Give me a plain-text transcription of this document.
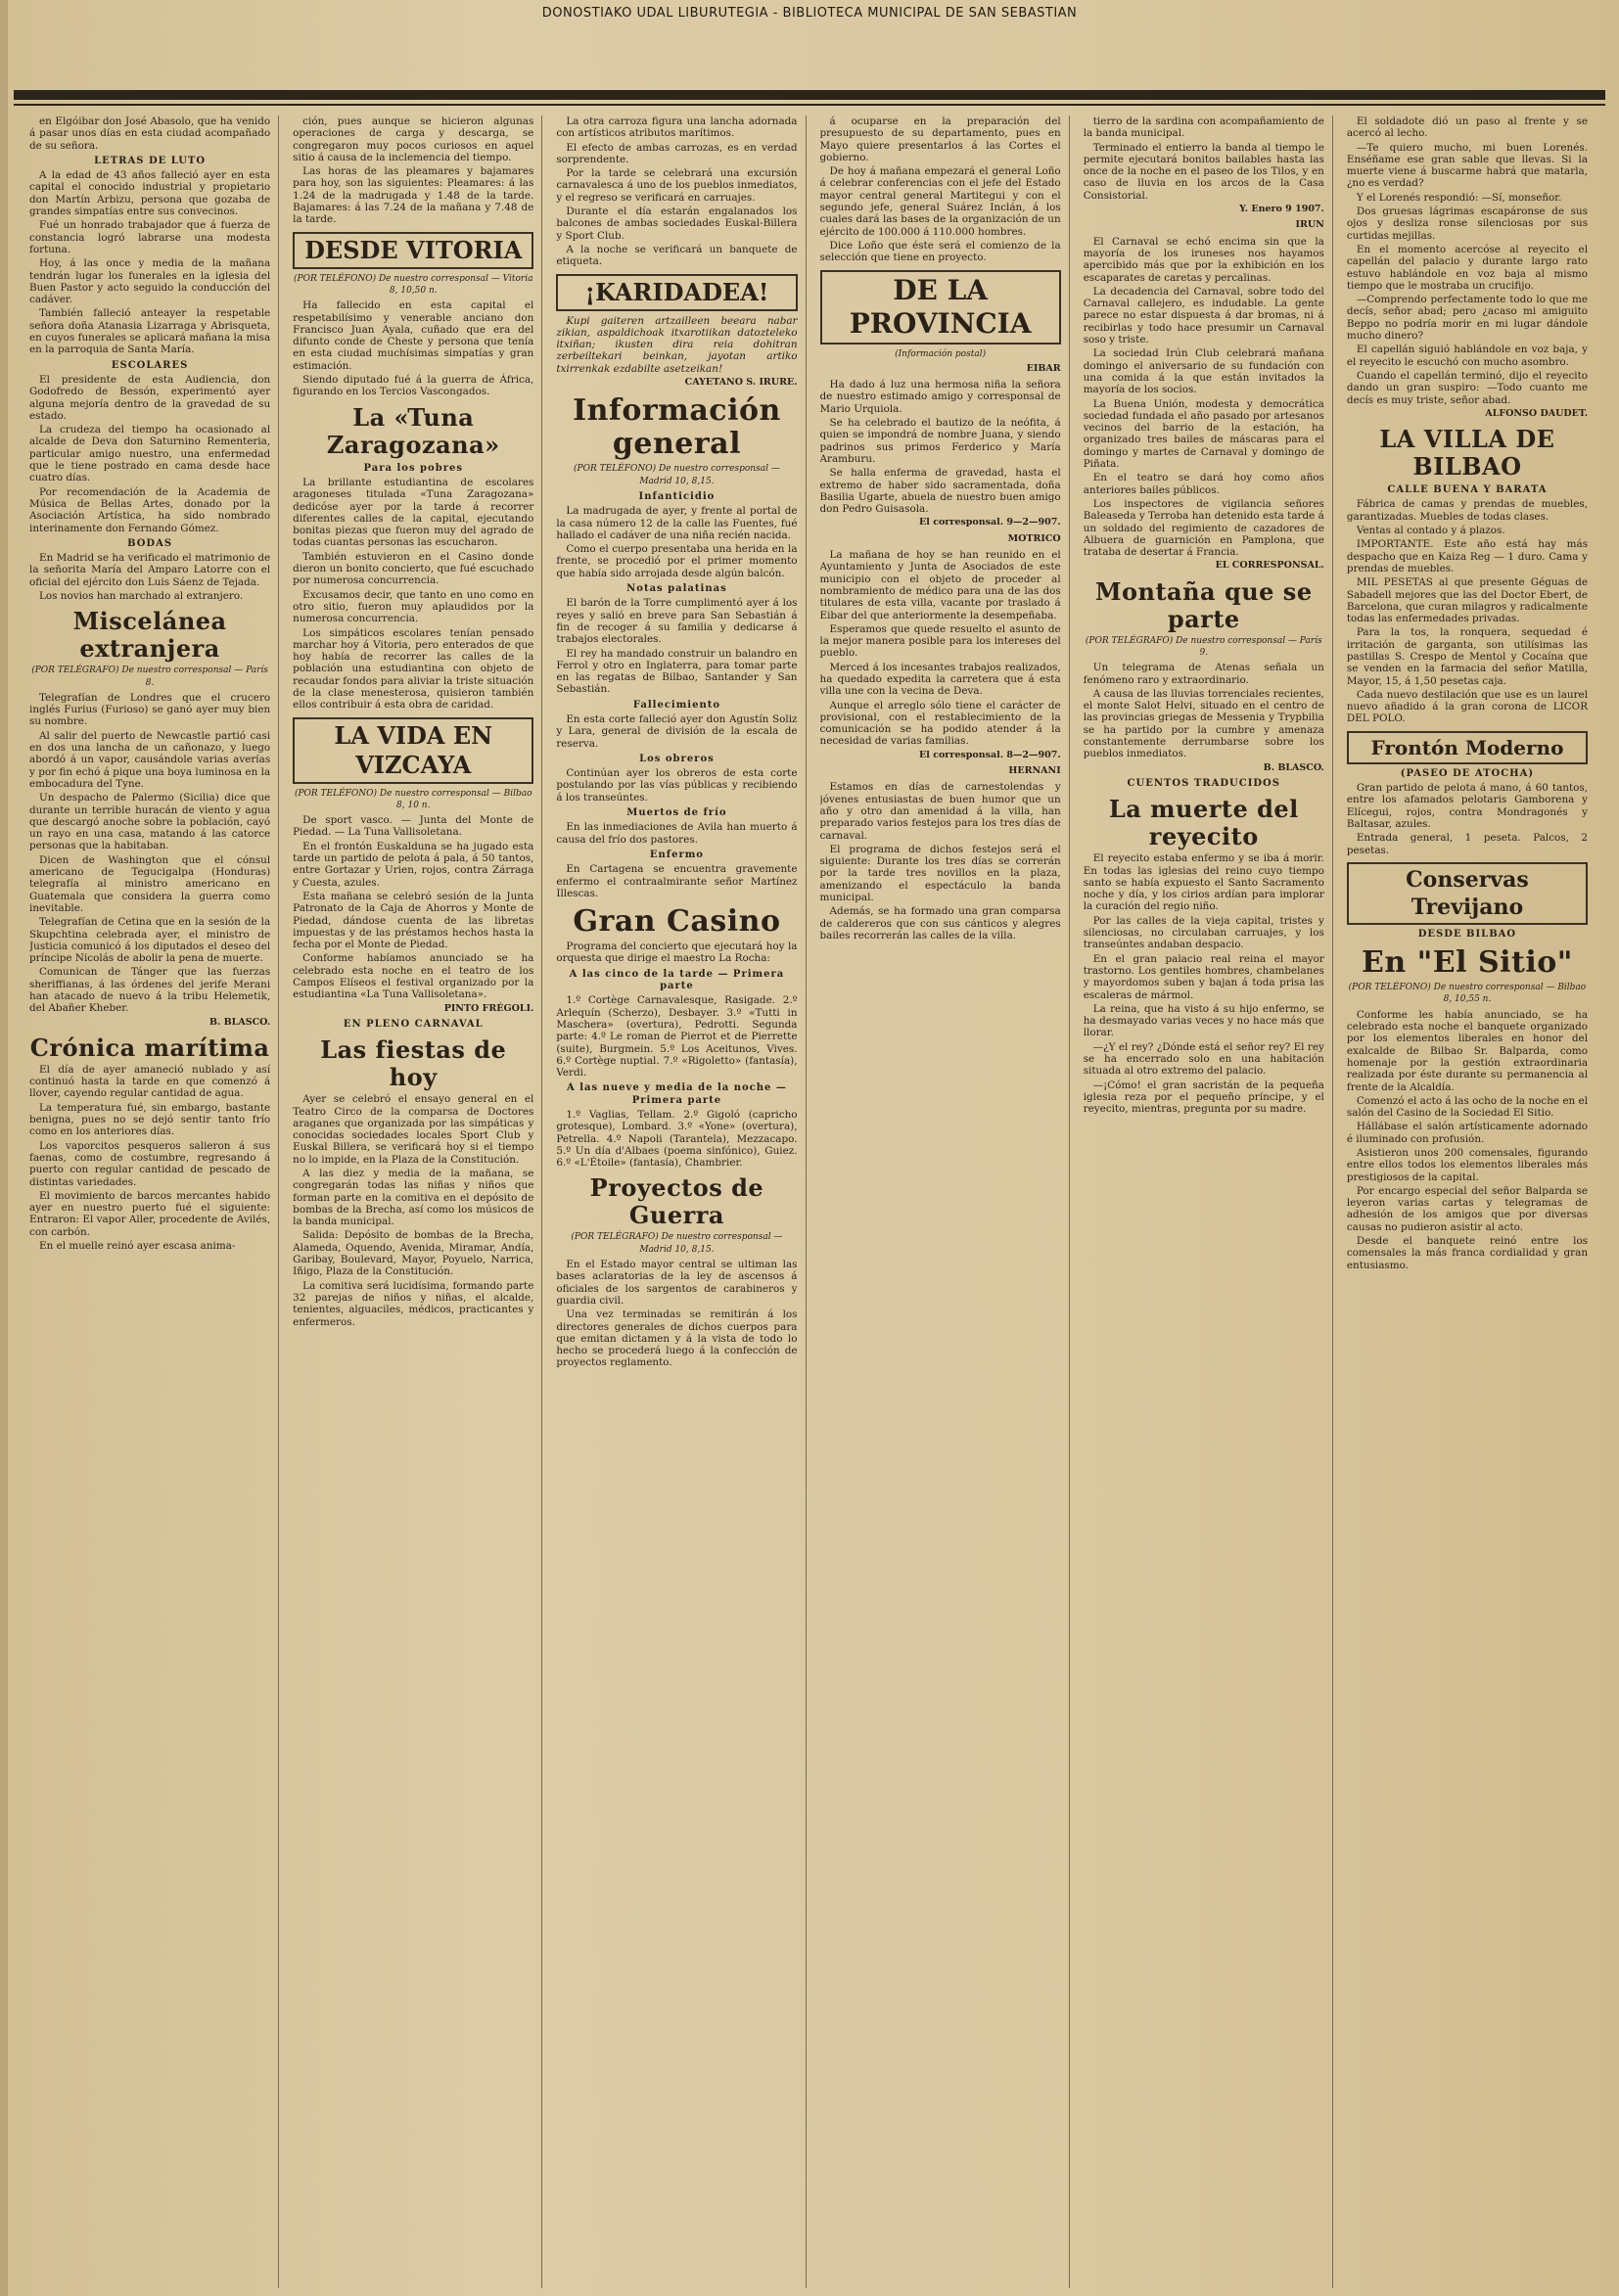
DONOSTIAKO UDAL LIBURUTEGIA - BIBLIOTECA MUNICIPAL DE SAN SEBASTIAN

en Elgóibar don José Abasolo, que ha venido á pasar unos días en esta ciudad acompañado de su señora.

LETRAS DE LUTO

A la edad de 43 años falleció ayer en esta capital el conocido industrial y propietario don Martín Arbizu, persona que gozaba de grandes simpatías entre sus convecinos.

Fué un honrado trabajador que á fuerza de constancia logró labrarse una modesta fortuna.

Hoy, á las once y media de la mañana tendrán lugar los funerales en la iglesia del Buen Pastor y acto seguido la conducción del cadáver.

También falleció anteayer la respetable señora doña Atanasia Lizarraga y Abrisqueta, en cuyos funerales se aplicará mañana la misa en la parroquia de Santa María.

ESCOLARES

El presidente de esta Audiencia, don Godofredo de Bessón, experimentó ayer alguna mejoría dentro de la gravedad de su estado.

La crudeza del tiempo ha ocasionado al alcalde de Deva don Saturnino Rementeria, particular amigo nuestro, una enfermedad que le tiene postrado en cama desde hace cuatro días.

Por recomendación de la Academia de Música de Bellas Artes, donado por la Asociación Artística, ha sido nombrado interinamente don Fernando Gómez.

BODAS

En Madrid se ha verificado el matrimonio de la señorita María del Amparo Latorre con el oficial del ejército don Luis Sáenz de Tejada.

Los novios han marchado al extranjero.

Miscelánea extranjera
(POR TELÉGRAFO) De nuestro corresponsal — París 8.

Telegrafían de Londres que el crucero inglés Furius (Furioso) se ganó ayer muy bien su nombre.

Al salir del puerto de Newcastle partió casi en dos una lancha de un cañonazo, y luego abordó á un vapor, causándole varias averías y por fin echó á pique una boya luminosa en la embocadura del Tyne.

Un despacho de Palermo (Sicilia) dice que durante un terrible huracán de viento y agua que descargó anoche sobre la población, cayó un rayo en una casa, matando á las catorce personas que la habitaban.

Dicen de Washington que el cónsul americano de Tegucigalpa (Honduras) telegrafía al ministro americano en Guatemala que considera la guerra como inevitable.

Telegrafían de Cetina que en la sesión de la Skupchtina celebrada ayer, el ministro de Justicia comunicó á los diputados el deseo del príncipe Nicolás de abolir la pena de muerte.

Comunican de Tánger que las fuerzas sheriffianas, á las órdenes del jerife Merani han atacado de nuevo á la tribu Helemetik, del Abañer Kheber.

B. BLASCO.
Crónica marítima

El día de ayer amaneció nublado y así continuó hasta la tarde en que comenzó á llover, cayendo regular cantidad de agua.

La temperatura fué, sin embargo, bastante benigna, pues no se dejó sentir tanto frío como en los anteriores días.

Los vaporcitos pesqueros salieron á sus faenas, como de costumbre, regresando á puerto con regular cantidad de pescado de distintas variedades.

El movimiento de barcos mercantes habido ayer en nuestro puerto fué el siguiente: Entraron: El vapor Aller, procedente de Avilés, con carbón.

En el muelle reinó ayer escasa anima-

ción, pues aunque se hicieron algunas operaciones de carga y descarga, se congregaron muy pocos curiosos en aquel sitio á causa de la inclemencia del tiempo.

Las horas de las pleamares y bajamares para hoy, son las siguientes: Pleamares: á las 1.24 de la madrugada y 1.48 de la tarde. Bajamares: á las 7.24 de la mañana y 7.48 de la tarde.

DESDE VITORIA
(POR TELÉFONO) De nuestro corresponsal — Vitoria 8, 10,50 n.

Ha fallecido en esta capital el respetabilísimo y venerable anciano don Francisco Juan Ayala, cuñado que era del difunto conde de Cheste y persona que tenía en esta ciudad muchísimas simpatías y gran estimación.

Siendo diputado fué á la guerra de África, figurando en los Tercios Vascongados.

La «Tuna Zaragozana»
Para los pobres

La brillante estudiantina de escolares aragoneses titulada «Tuna Zaragozana» dedicóse ayer por la tarde á recorrer diferentes calles de la capital, ejecutando bonitas piezas que fueron muy del agrado de todas cuantas personas las escucharon.

También estuvieron en el Casino donde dieron un bonito concierto, que fué escuchado por numerosa concurrencia.

Excusamos decir, que tanto en uno como en otro sitio, fueron muy aplaudidos por la numerosa concurrencia.

Los simpáticos escolares tenían pensado marchar hoy á Vitoria, pero enterados de que hoy había de recorrer las calles de la población una estudiantina con objeto de recaudar fondos para aliviar la triste situación de la clase menesterosa, quisieron también ellos contribuir á esta obra de caridad.

LA VIDA EN VIZCAYA
(POR TELÉFONO) De nuestro corresponsal — Bilbao 8, 10 n.

De sport vasco. — Junta del Monte de Piedad. — La Tuna Vallisoletana.

En el frontón Euskalduna se ha jugado esta tarde un partido de pelota á pala, á 50 tantos, entre Gortazar y Urien, rojos, contra Zárraga y Cuesta, azules.

Esta mañana se celebró sesión de la Junta Patronato de la Caja de Ahorros y Monte de Piedad, dándose cuenta de las libretas impuestas y de las préstamos hechos hasta la fecha por el Monte de Piedad.

Conforme habíamos anunciado se ha celebrado esta noche en el teatro de los Campos Elíseos el festival organizado por la estudiantina «La Tuna Vallisoletana».

PINTO FRÉGOLI.
EN PLENO CARNAVAL
Las fiestas de hoy

Ayer se celebró el ensayo general en el Teatro Circo de la comparsa de Doctores araganes que organizada por las simpáticas y conocidas sociedades locales Sport Club y Euskal Billera, se verificará hoy si el tiempo no lo impide, en la Plaza de la Constitución.

A las diez y media de la mañana, se congregarán todas las niñas y niños que forman parte en la comitiva en el depósito de bombas de la Brecha, así como los músicos de la banda municipal.

Salida: Depósito de bombas de la Brecha, Alameda, Oquendo, Avenida, Miramar, Andía, Garibay, Boulevard, Mayor, Poyuelo, Narrica, Iñigo, Plaza de la Constitución.

La comitiva será lucidísima, formando parte 32 parejas de niños y niñas, el alcalde, tenientes, alguaciles, médicos, practicantes y enfermeros.

La otra carroza figura una lancha adornada con artísticos atributos marítimos.

El efecto de ambas carrozas, es en verdad sorprendente.

Por la tarde se celebrará una excursión carnavalesca á uno de los pueblos inmediatos, y el regreso se verificará en carruajes.

Durante el día estarán engalanados los balcones de ambas sociedades Euskal-Billera y Sport Club.

A la noche se verificará un banquete de etiqueta.

¡KARIDADEA!

Kupi gaiteren artzailleen beeara nabar zikian, aspaldichoak itxarotiikan datozteleko itxiñan; ikusten dira reia dohitran zerbeiltekari beinkan, jayotan artiko txirrenkak ezdabilte asetzeikan!

CAYETANO S. IRURE.
Información general
(POR TELÉFONO) De nuestro corresponsal — Madrid 10, 8,15.
Infanticidio

La madrugada de ayer, y frente al portal de la casa número 12 de la calle las Fuentes, fué hallado el cadáver de una niña recién nacida.

Como el cuerpo presentaba una herida en la frente, se procedió por el primer momento que había sido arrojada desde algún balcón.

Notas palatinas

El barón de la Torre cumplimentó ayer á los reyes y salió en breve para San Sebastián á fin de recoger á su familia y dedicarse á trabajos electorales.

El rey ha mandado construir un balandro en Ferrol y otro en Inglaterra, para tomar parte en las regatas de Bilbao, Santander y San Sebastián.

Fallecimiento

En esta corte falleció ayer don Agustín Soliz y Lara, general de división de la escala de reserva.

Los obreros

Continúan ayer los obreros de esta corte postulando por las vías públicas y recibiendo á los transeúntes.

Muertos de frío

En las inmediaciones de Avila han muerto á causa del frío dos pastores.

Enfermo

En Cartagena se encuentra gravemente enfermo el contraalmirante señor Martínez Illescas.

Gran Casino

Programa del concierto que ejecutará hoy la orquesta que dirige el maestro La Rocha:

A las cinco de la tarde — Primera parte

1.º Cortège Carnavalesque, Rasigade. 2.º Arlequín (Scherzo), Desbayer. 3.º «Tutti in Maschera» (overtura), Pedrotti. Segunda parte: 4.º Le roman de Pierrot et de Pierrette (suite), Burgmein. 5.º Los Aceitunos, Vives. 6.º Cortège nuptial. 7.º «Rigoletto» (fantasía), Verdi.

A las nueve y media de la noche — Primera parte

1.º Vaglias, Tellam. 2.º Gigoló (capricho grotesque), Lombard. 3.º «Yone» (overtura), Petrella. 4.º Napoli (Tarantela), Mezzacapo. 5.º Un día d'Albaes (poema sinfónico), Guiez. 6.º «L'Étoile» (fantasía), Chambrier.

Proyectos de Guerra
(POR TELÉGRAFO) De nuestro corresponsal — Madrid 10, 8,15.

En el Estado mayor central se ultiman las bases aclaratorias de la ley de ascensos á oficiales de los sargentos de carabineros y guardia civil.

Una vez terminadas se remitirán á los directores generales de dichos cuerpos para que emitan dictamen y á la vista de todo lo hecho se procederá luego á la confección de proyectos reglamento.

á ocuparse en la preparación del presupuesto de su departamento, pues en Mayo quiere presentarlos á las Cortes el gobierno.

De hoy á mañana empezará el general Loño á celebrar conferencias con el jefe del Estado mayor central general Martitegui y con el segundo jefe, general Suárez Inclán, á los cuales dará las bases de la organización de un ejército de 100.000 á 110.000 hombres.

Dice Loño que éste será el comienzo de la selección que tiene en proyecto.

DE LA PROVINCIA
(Información postal)
EIBAR

Ha dado á luz una hermosa niña la señora de nuestro estimado amigo y corresponsal de Mario Urquiola.

Se ha celebrado el bautizo de la neófita, á quien se impondrá de nombre Juana, y siendo padrinos sus primos Ferderico y María Aramburu.

Se halla enferma de gravedad, hasta el extremo de haber sido sacramentada, doña Basilia Ugarte, abuela de nuestro buen amigo don Pedro Guisasola.

El corresponsal. 9—2—907.
MOTRICO

La mañana de hoy se han reunido en el Ayuntamiento y Junta de Asociados de este municipio con el objeto de proceder al nombramiento de médico para una de las dos titulares de esta villa, vacante por traslado á Eibar del que anteriormente la desempeñaba.

Esperamos que quede resuelto el asunto de la mejor manera posible para los intereses del pueblo.

Merced á los incesantes trabajos realizados, ha quedado expedita la carretera que á esta villa une con la vecina de Deva.

Aunque el arreglo sólo tiene el carácter de provisional, con el restablecimiento de la comunicación se ha podido atender á la necesidad de varias familias.

El corresponsal. 8—2—907.
HERNANI

Estamos en días de carnestolendas y jóvenes entusiastas de buen humor que un año y otro dan amenidad á la villa, han preparado varios festejos para los tres días de carnaval.

El programa de dichos festejos será el siguiente: Durante los tres días se correrán por la tarde tres novillos en la plaza, amenizando el espectáculo la banda municipal.

Además, se ha formado una gran comparsa de caldereros que con sus cánticos y alegres bailes recorrerán las calles de la villa.

tierro de la sardina con acompañamiento de la banda municipal.

Terminado el entierro la banda al tiempo le permite ejecutará bonitos bailables hasta las once de la noche en el paseo de los Tilos, y en caso de lluvia en los arcos de la Casa Consistorial.

Y. Enero 9 1907.
IRUN

El Carnaval se echó encima sin que la mayoría de los iruneses nos hayamos apercibido más que por la exhibición en los escaparates de caretas y percalinas.

La decadencia del Carnaval, sobre todo del Carnaval callejero, es indudable. La gente parece no estar dispuesta á dar bromas, ni á recibirlas y todo hace presumir un Carnaval soso y triste.

La sociedad Irún Club celebrará mañana domingo el aniversario de su fundación con una comida á la que están invitados la mayoría de los socios.

La Buena Unión, modesta y democrática sociedad fundada el año pasado por artesanos vecinos del barrio de la estación, ha organizado tres bailes de máscaras para el domingo y martes de Carnaval y domingo de Piñata.

En el teatro se dará hoy como años anteriores bailes públicos.

Los inspectores de vigilancia señores Baleaseda y Terroba han detenido esta tarde á un soldado del regimiento de cazadores de Albuera de guarnición en Pamplona, que trataba de desertar á Francia.

EL CORRESPONSAL.
Montaña que se parte
(POR TELÉGRAFO) De nuestro corresponsal — París 9.

Un telegrama de Atenas señala un fenómeno raro y extraordinario.

A causa de las lluvias torrenciales recientes, el monte Salot Helvi, situado en el centro de las provincias griegas de Messenia y Trypbilia se ha partido por la cumbre y amenaza constantemente derrumbarse sobre los pueblos inmediatos.

B. BLASCO.
CUENTOS TRADUCIDOS
La muerte del reyecito

El reyecito estaba enfermo y se iba á morir. En todas las iglesias del reino cuyo tiempo santo se había expuesto el Santo Sacramento noche y día, y los cirios ardían para implorar la curación del regio niño.

Por las calles de la vieja capital, tristes y silenciosas, no circulaban carruajes, y los transeúntes andaban despacio.

En el gran palacio real reina el mayor trastorno. Los gentiles hombres, chambelanes y mayordomos suben y bajan á toda prisa las escaleras de mármol.

La reina, que ha visto á su hijo enfermo, se ha desmayado varias veces y no hace más que llorar.

—¿Y el rey? ¿Dónde está el señor rey? El rey se ha encerrado solo en una habitación situada al otro extremo del palacio.

—¡Cómo! el gran sacristán de la pequeña iglesia reza por el pequeño príncipe, y el reyecito, mientras, pregunta por su madre.

El soldadote dió un paso al frente y se acercó al lecho.

—Te quiero mucho, mi buen Lorenés. Enséñame ese gran sable que llevas. Si la muerte viene á buscarme habrá que matarla, ¿no es verdad?

Y el Lorenés respondió: —Sí, monseñor.

Dos gruesas lágrimas escapáronse de sus ojos y desliza ronse silenciosas por sus curtidas mejillas.

En el momento acercóse al reyecito el capellán del palacio y durante largo rato estuvo hablándole en voz baja al mismo tiempo que le mostraba un crucifijo.

—Comprendo perfectamente todo lo que me decís, señor abad; pero ¿acaso mi amiguito Beppo no podría morir en mi lugar dándole mucho dinero?

El capellán siguió hablándole en voz baja, y el reyecito le escuchó con mucho asombro.

Cuando el capellán terminó, dijo el reyecito dando un gran suspiro: —Todo cuanto me decís es muy triste, señor abad.

ALFONSO DAUDET.
LA VILLA DE BILBAO
CALLE BUENA Y BARATA

Fábrica de camas y prendas de muebles, garantizadas. Muebles de todas clases.

Ventas al contado y á plazos.

IMPORTANTE. Este año está hay más despacho que en Kaiza Reg — 1 duro. Cama y prendas de muebles.

MIL PESETAS al que presente Géguas de Sabadell mejores que las del Doctor Ebert, de Barcelona, que curan milagros y radicalmente todas las enfermedades privadas.

Para la tos, la ronquera, sequedad é irritación de garganta, son utilísimas las pastillas S. Crespo de Mentol y Cocaína que se venden en la farmacia del señor Matilla, Mayor, 15, á 1,50 pesetas caja.

Cada nuevo destilación que use es un laurel nuevo añadido á la gran corona de LICOR DEL POLO.

Frontón Moderno
(PASEO DE ATOCHA)

Gran partido de pelota á mano, á 60 tantos, entre los afamados pelotaris Gamborena y Elícegui, rojos, contra Mondragonés y Baltasar, azules.

Entrada general, 1 peseta. Palcos, 2 pesetas.

Conservas Trevijano
DESDE BILBAO
En "El Sitio"
(POR TELÉFONO) De nuestro corresponsal — Bilbao 8, 10,55 n.

Conforme les había anunciado, se ha celebrado esta noche el banquete organizado por los elementos liberales en honor del exalcalde de Bilbao Sr. Balparda, como homenaje por la gestión extraordinaria realizada por éste durante su permanencia al frente de la Alcaldía.

Comenzó el acto á las ocho de la noche en el salón del Casino de la Sociedad El Sitio.

Hállábase el salón artísticamente adornado é iluminado con profusión.

Asistieron unos 200 comensales, figurando entre ellos todos los elementos liberales más prestigiosos de la capital.

Por encargo especial del señor Balparda se leyeron varias cartas y telegramas de adhesión de los amigos que por diversas causas no pudieron asistir al acto.

Desde el banquete reinó entre los comensales la más franca cordialidad y gran entusiasmo.
